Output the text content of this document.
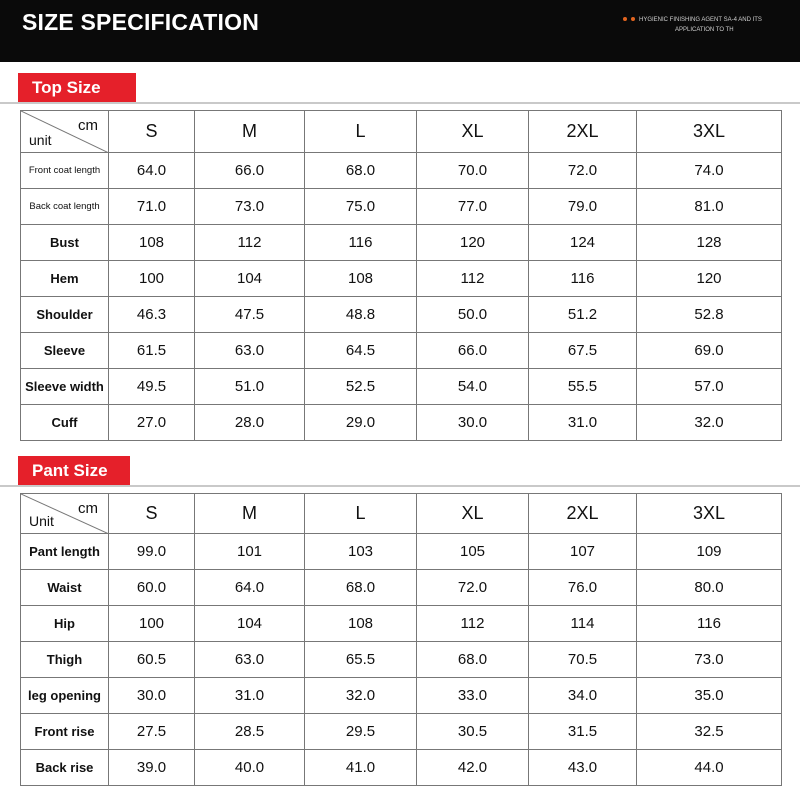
SIZE SPECIFICATION	HYGIENIC FINISHING AGENT SA-4 AND ITS
APPLICATION TO TH
Top Size
cm
unit	S	M	L	XL	2XL	3XL
Front coat length	64.0	66.0	68.0	70.0	72.0	74.0
Back coat length	71.0	73.0	75.0	77.0	79.0	81.0
Bust	108	112	116	120	124	128
Hem	100	104	108	112	116	120
Shoulder	46.3	47.5	48.8	50.0	51.2	52.8
Sleeve	61.5	63.0	64.5	66.0	67.5	69.0
Sleeve width	49.5	51.0	52.5	54.0	55.5	57.0
Cuff	27.0	28.0	29.0	30.0	31.0	32.0
Pant Size
cm
Unit	S	M	L	XL	2XL	3XL
Pant length	99.0	101	103	105	107	109
Waist	60.0	64.0	68.0	72.0	76.0	80.0
Hip	100	104	108	112	114	116
Thigh	60.5	63.0	65.5	68.0	70.5	73.0
leg opening	30.0	31.0	32.0	33.0	34.0	35.0
Front rise	27.5	28.5	29.5	30.5	31.5	32.5
Back rise	39.0	40.0	41.0	42.0	43.0	44.0
